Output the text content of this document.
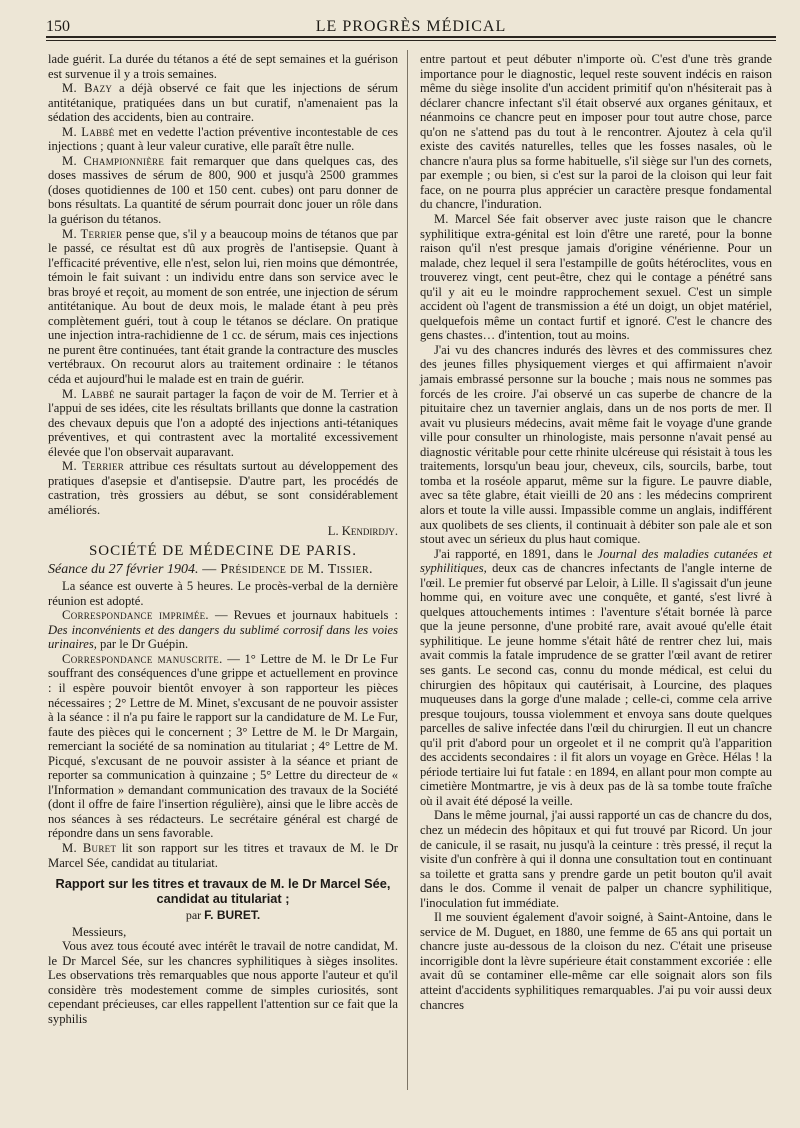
150	LE PROGRÈS MÉDICAL

lade guérit. La durée du tétanos a été de sept semaines et la guérison est survenue il y a trois semaines.

M. Bazy a déjà observé ce fait que les injections de sérum antitétanique, pratiquées dans un but curatif, n'amenaient pas la sédation des accidents, bien au contraire.

M. Labbé met en vedette l'action préventive incontestable de ces injections ; quant à leur valeur curative, elle paraît être nulle.

M. Championnière fait remarquer que dans quelques cas, des doses massives de sérum de 800, 900 et jusqu'à 2500 grammes (doses quotidiennes de 100 et 150 cent. cubes) ont paru donner de bons résultats. La quantité de sérum pourrait donc jouer un rôle dans la guérison du tétanos.

M. Terrier pense que, s'il y a beaucoup moins de tétanos que par le passé, ce résultat est dû aux progrès de l'antisepsie. Quant à l'efficacité préventive, elle n'est, selon lui, rien moins que démontrée, témoin le fait suivant : un individu entre dans son service avec le bras broyé et reçoit, au moment de son entrée, une injection de sérum antitétanique. Au bout de deux mois, le malade étant à peu près complètement guéri, tout à coup le tétanos se déclare. On pratique une injection intra-rachidienne de 1 cc. de sérum, mais ces injections ne purent être continuées, tant était grande la contracture des muscles vertébraux. On recourut alors au traitement ordinaire : le tétanos céda et aujourd'hui le malade est en train de guérir.

M. Labbé ne saurait partager la façon de voir de M. Terrier et à l'appui de ses idées, cite les résultats brillants que donne la castration des chevaux depuis que l'on a adopté des injections anti-tétaniques préventives, et qui contrastent avec la mortalité excessivement élevée que l'on observait auparavant.

M. Terrier attribue ces résultats surtout au développement des pratiques d'asepsie et d'antisepsie. D'autre part, les procédés de castration, très grossiers au début, se sont considérablement améliorés.

L. Kendirdjy.

SOCIÉTÉ DE MÉDECINE DE PARIS.

Séance du 27 février 1904. — Présidence de M. Tissier.

La séance est ouverte à 5 heures. Le procès-verbal de la dernière réunion est adopté.

Correspondance imprimée. — Revues et journaux habituels : Des inconvénients et des dangers du sublimé corrosif dans les voies urinaires, par le Dr Guépin.

Correspondance manuscrite. — 1° Lettre de M. le Dr Le Fur souffrant des conséquences d'une grippe et actuellement en province : il espère pouvoir bientôt envoyer à son rapporteur les pièces nécessaires ; 2° Lettre de M. Minet, s'excusant de ne pouvoir assister à la séance : il n'a pu faire le rapport sur la candidature de M. Le Fur, faute des pièces qui le concernent ; 3° Lettre de M. le Dr Margain, remerciant la société de sa nomination au titulariat ; 4° Lettre de M. Picqué, s'excusant de ne pouvoir assister à la séance et priant de reporter sa communication à quinzaine ; 5° Lettre du directeur de « l'Information » demandant communication des travaux de la Société (dont il offre de faire l'insertion régulière), ainsi que le libre accès de nos séances à ses rédacteurs. Le secrétaire général est chargé de répondre dans un sens favorable.

M. Buret lit son rapport sur les titres et travaux de M. le Dr Marcel Sée, candidat au titulariat.

Rapport sur les titres et travaux de M. le Dr Marcel Sée, candidat au titulariat ;

par F. BURET.

Messieurs,

Vous avez tous écouté avec intérêt le travail de notre candidat, M. le Dr Marcel Sée, sur les chancres syphilitiques à sièges insolites. Les observations très remarquables que nous apporte l'auteur et qu'il considère très modestement comme de simples curiosités, sont cependant précieuses, car elles rappellent l'attention sur ce fait que la syphilis

entre partout et peut débuter n'importe où. C'est d'une très grande importance pour le diagnostic, lequel reste souvent indécis en raison même du siège insolite d'un accident primitif qu'on n'hésiterait pas à déclarer chancre infectant s'il était observé aux organes génitaux, et néanmoins ce chancre peut en imposer pour tout autre chose, parce qu'on ne s'attend pas du tout à le rencontrer. Ajoutez à cela qu'il existe des cavités naturelles, telles que les fosses nasales, où le chancre n'aura plus sa forme habituelle, s'il siège sur l'un des cornets, par exemple ; ou bien, si c'est sur la paroi de la cloison qui leur fait face, on ne pourra plus apprécier un caractère presque fondamental du chancre, l'induration.

M. Marcel Sée fait observer avec juste raison que le chancre syphilitique extra-génital est loin d'être une rareté, pour la bonne raison qu'il n'est presque jamais d'origine vénérienne. Pour un malade, chez lequel il sera l'estampille de goûts hétéroclites, vous en trouverez vingt, cent peut-être, chez qui le contage a pénétré sans qu'il y ait eu le moindre rapprochement sexuel. C'est un simple accident où l'agent de transmission a été un doigt, un objet matériel, quelquefois même un contact furtif et ignoré. C'est le chancre des gens chastes… d'intention, tout au moins.

J'ai vu des chancres indurés des lèvres et des commissures chez des jeunes filles physiquement vierges et qui affirmaient n'avoir jamais embrassé personne sur la bouche ; mais nous ne sommes pas forcés de les croire. J'ai observé un cas superbe de chancre de la pituitaire chez un tavernier anglais, dans un de nos ports de mer. Il avait vu plusieurs médecins, avait même fait le voyage d'une grande ville pour consulter un rhinologiste, mais personne n'avait pensé au diagnostic véritable pour cette rhinite ulcéreuse qui résistait à tous les traitements, lorsqu'un beau jour, cheveux, cils, sourcils, barbe, tout tomba et la roséole apparut, même sur la figure. Le pauvre diable, avec sa tête glabre, était vieilli de 20 ans : les médecins comprirent alors et toute la ville aussi. Impassible comme un anglais, indifférent aux quolibets de ses clients, il continuait à débiter son pale ale et son stout avec un sérieux du plus haut comique.

J'ai rapporté, en 1891, dans le Journal des maladies cutanées et syphilitiques, deux cas de chancres infectants de l'angle interne de l'œil. Le premier fut observé par Leloir, à Lille. Il s'agissait d'un jeune homme qui, en voiture avec une conquête, et ganté, s'est livré à quelques attouchements intimes : l'aventure s'était bornée là parce que la jeune personne, d'une probité rare, avait avoué qu'elle était syphilitique. Le jeune homme s'était hâté de rentrer chez lui, mais avait commis la fatale imprudence de se gratter l'œil avant de retirer ses gants. Le second cas, connu du monde médical, est celui du chirurgien des hôpitaux qui cautérisait, à Lourcine, des plaques muqueuses dans la gorge d'une malade ; celle-ci, comme cela arrive presque toujours, toussa violemment et envoya sans doute quelques parcelles de salive infectée dans l'œil du chirurgien. Il eut un chancre qu'il prit d'abord pour un orgeolet et il ne comprit qu'à l'apparition des accidents secondaires : il fit alors un voyage en Grèce. Hélas ! la période tertiaire lui fut fatale : en 1894, en allant pour mon compte au cimetière Montmartre, je vis à deux pas de là sa tombe toute fraîche où il avait été déposé la veille.

Dans le même journal, j'ai aussi rapporté un cas de chancre du dos, chez un médecin des hôpitaux et qui fut trouvé par Ricord. Un jour de canicule, il se rasait, nu jusqu'à la ceinture : très pressé, il reçut la visite d'un confrère à qui il donna une consultation tout en continuant sa toilette et gratta sans y prendre garde un petit bouton qu'il avait dans le dos. Comme il venait de palper un chancre syphilitique, l'inoculation fut immédiate.

Il me souvient également d'avoir soigné, à Saint-Antoine, dans le service de M. Duguet, en 1880, une femme de 65 ans qui portait un chancre juste au-dessous de la cloison du nez. C'était une priseuse incorrigible dont la lèvre supérieure était constamment excoriée : elle avait dû se contaminer elle-même car elle soignait alors son fils atteint d'accidents syphilitiques remarquables. J'ai pu voir aussi deux chancres
